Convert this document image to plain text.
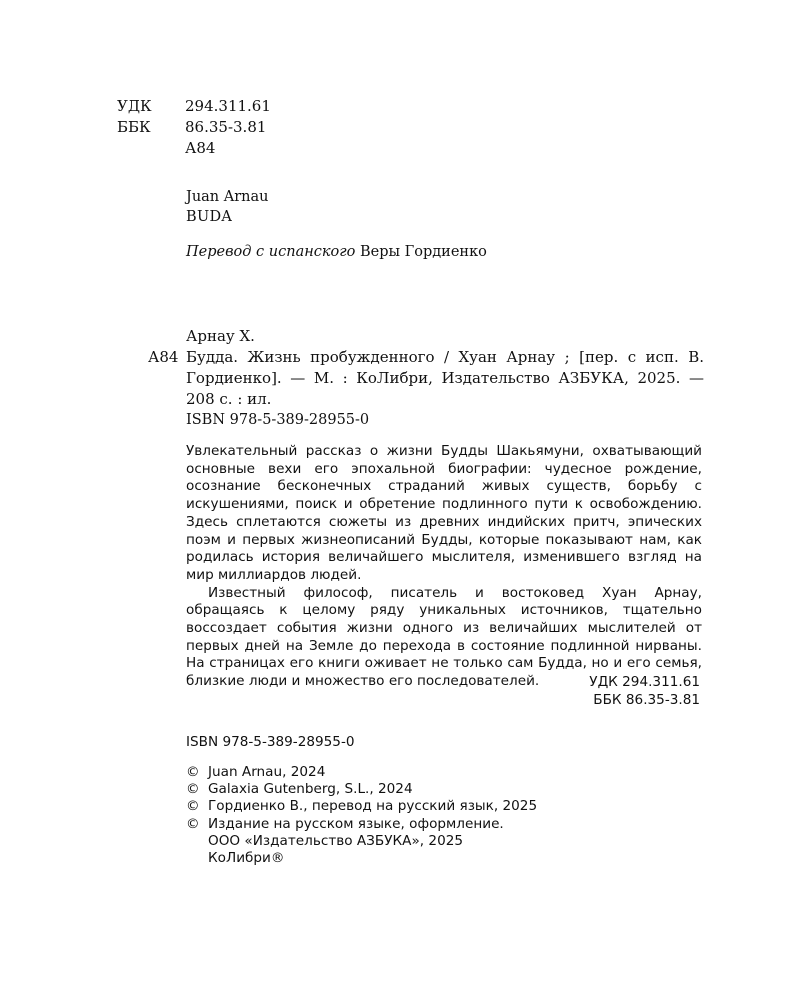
УДК	294.311.61
ББК	86.35-3.81
А84
Juan Arnau
BUDA
Перевод с испанского Веры Гордиенко
Арнау Х.
А84 Будда. Жизнь пробужденного / Хуан Арнау ; [пер. с исп. В. Гордиенко]. — М. : КоЛибри, Издательство АЗБУКА, 2025. — 208 с. : ил.
ISBN 978-5-389-28955-0

Увлекательный рассказ о жизни Будды Шакьямуни, охватывающий основные вехи его эпохальной биографии: чудесное рождение, осознание бесконечных страданий живых существ, борьбу с искушениями, поиск и обретение подлинного пути к освобождению. Здесь сплетаются сюжеты из древних индийских притч, эпических поэм и первых жизнеописаний Будды, которые показывают нам, как родилась история величайшего мыслителя, изменившего взгляд на мир миллиардов людей.

Известный философ, писатель и востоковед Хуан Арнау, обращаясь к целому ряду уникальных источников, тщательно воссоздает события жизни одного из величайших мыслителей от первых дней на Земле до перехода в состояние подлинной нирваны. На страницах его книги оживает не только сам Будда, но и его семья, близкие люди и множество его последователей.	УДК 294.311.61
ББК 86.35-3.81
ISBN 978-5-389-28955-0
© Juan Arnau, 2024
© Galaxia Gutenberg, S.L., 2024
© Гордиенко В., перевод на русский язык, 2025
© Издание на русском языке, оформление.
ООО «Издательство АЗБУКА», 2025
КоЛибри®
